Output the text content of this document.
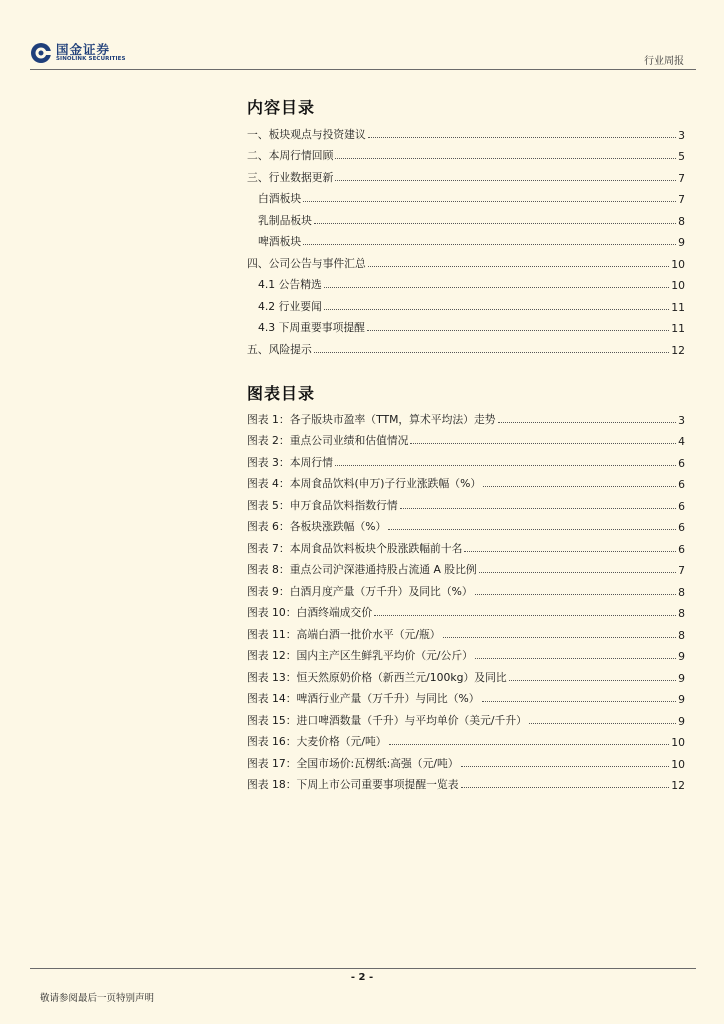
国金证券
SINOLINK SECURITIES	行业周报
内容目录
一、板块观点与投资建议	3
二、本周行情回顾	5
三、行业数据更新	7
白酒板块	7
乳制品板块	8
啤酒板块	9
四、公司公告与事件汇总	10
4.1 公告精选	10
4.2 行业要闻	11
4.3 下周重要事项提醒	11
五、风险提示	12
图表目录
图表 1：各子版块市盈率（TTM，算术平均法）走势	3
图表 2：重点公司业绩和估值情况	4
图表 3：本周行情	6
图表 4：本周食品饮料(申万)子行业涨跌幅（%）	6
图表 5：申万食品饮料指数行情	6
图表 6：各板块涨跌幅（%）	6
图表 7：本周食品饮料板块个股涨跌幅前十名	6
图表 8：重点公司沪深港通持股占流通 A 股比例	7
图表 9：白酒月度产量（万千升）及同比（%）	8
图表 10：白酒终端成交价	8
图表 11：高端白酒一批价水平（元/瓶）	8
图表 12：国内主产区生鲜乳平均价（元/公斤）	9
图表 13：恒天然原奶价格（新西兰元/100kg）及同比	9
图表 14：啤酒行业产量（万千升）与同比（%）	9
图表 15：进口啤酒数量（千升）与平均单价（美元/千升）	9
图表 16：大麦价格（元/吨）	10
图表 17：全国市场价:瓦楞纸:高强（元/吨）	10
图表 18：下周上市公司重要事项提醒一览表	12
- 2 -
敬请参阅最后一页特别声明
